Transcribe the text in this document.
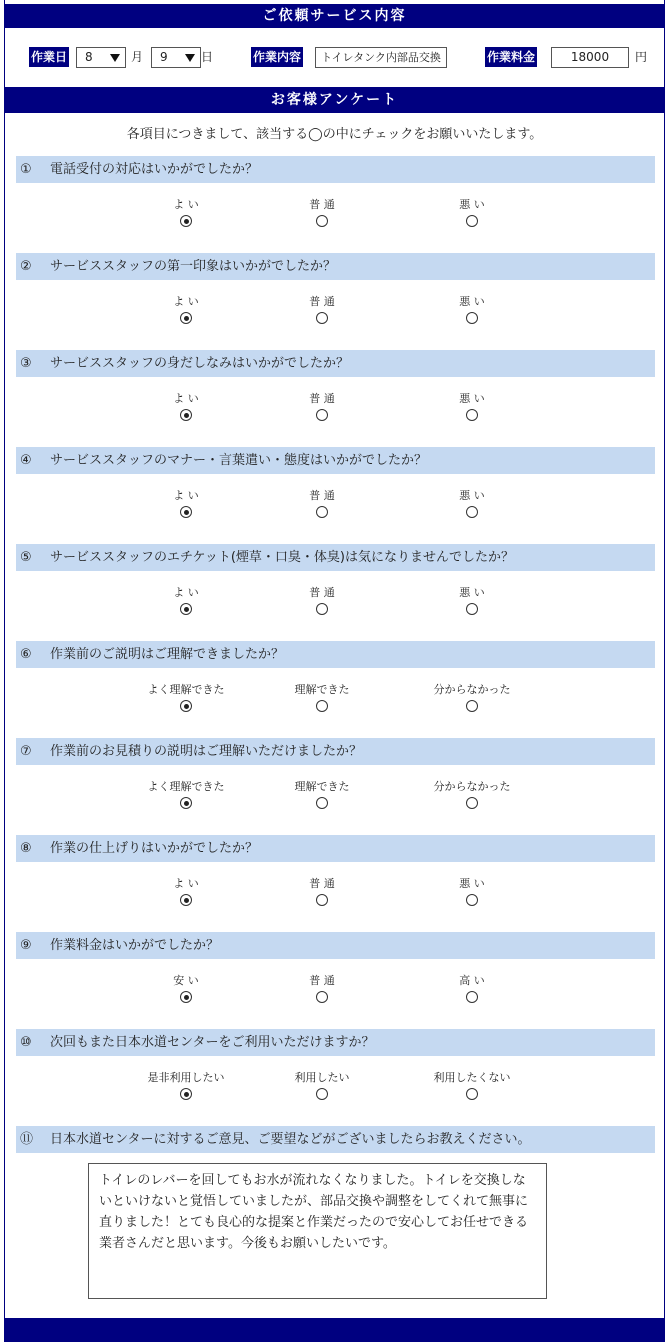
ご依頼サービス内容
作業日	8	月	9	日	作業内容	トイレタンク内部品交換	作業料金	18000	円
お客様アンケート
各項目につきまして、該当する◯の中にチェックをお願いいたします。
① 電話受付の対応はいかがでしたか？
よ い	普 通	悪 い
② サービススタッフの第一印象はいかがでしたか？
よ い	普 通	悪 い
③ サービススタッフの身だしなみはいかがでしたか？
よ い	普 通	悪 い
④ サービススタッフのマナー・言葉遣い・態度はいかがでしたか？
よ い	普 通	悪 い
⑤ サービススタッフのエチケット(煙草・口臭・体臭)は気になりませんでしたか？
よ い	普 通	悪 い
⑥ 作業前のご説明はご理解できましたか？
よく理解できた	理解できた	分からなかった
⑦ 作業前のお見積りの説明はご理解いただけましたか？
よく理解できた	理解できた	分からなかった
⑧ 作業の仕上げりはいかがでしたか？
よ い	普 通	悪 い
⑨ 作業料金はいかがでしたか？
安 い	普 通	高 い
⑩ 次回もまた日本水道センターをご利用いただけますか？
是非利用したい	利用したい	利用したくない
⑪ 日本水道センターに対するご意見、ご要望などがございましたらお教えください。
トイレのレバーを回してもお水が流れなくなりました。トイレを交換しないといけないと覚悟していましたが、部品交換や調整をしてくれて無事に直りました！とても良心的な提案と作業だったので安心してお任せできる業者さんだと思います。今後もお願いしたいです。
